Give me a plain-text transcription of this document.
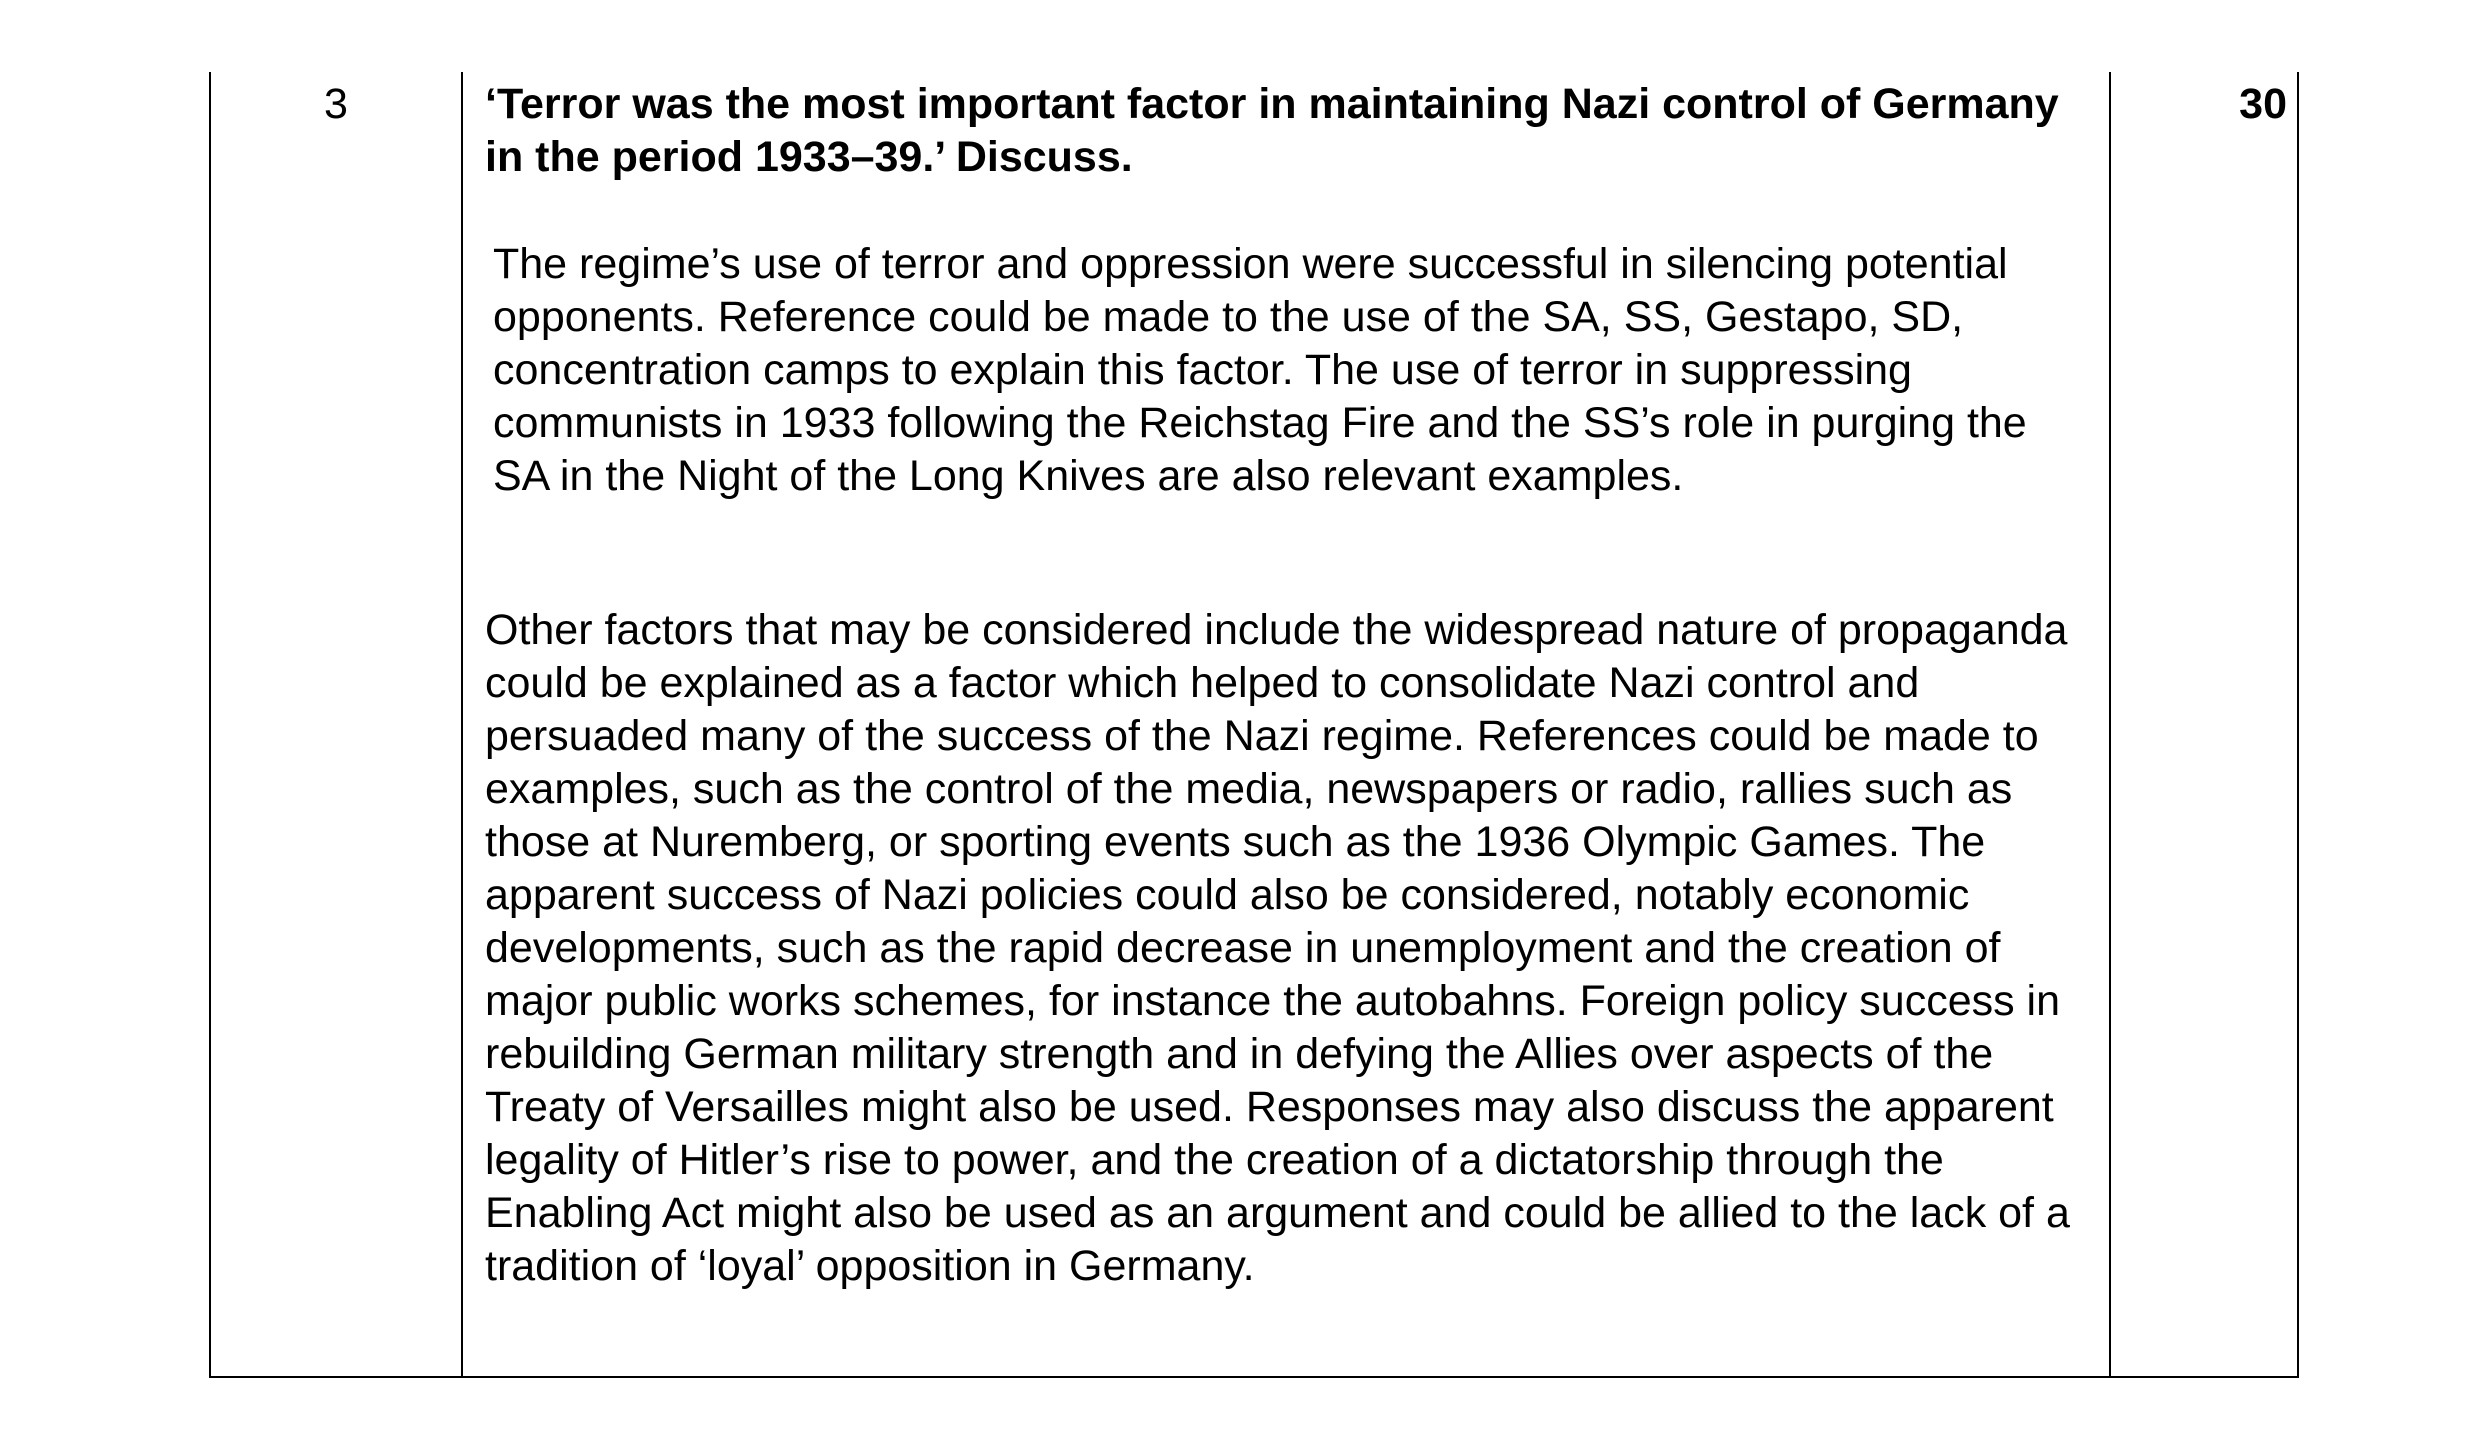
3	‘Terror was the most important factor in maintaining Nazi control of Germany in the period 1933–39.’ Discuss.

30

The regime’s use of terror and oppression were successful in silencing potential opponents. Reference could be made to the use of the SA, SS, Gestapo, SD, concentration camps to explain this factor. The use of terror in suppressing communists in 1933 following the Reichstag Fire and the SS’s role in purging the SA in the Night of the Long Knives are also relevant examples.

Other factors that may be considered include the widespread nature of propaganda could be explained as a factor which helped to consolidate Nazi control and persuaded many of the success of the Nazi regime. References could be made to examples, such as the control of the media, newspapers or radio, rallies such as those at Nuremberg, or sporting events such as the 1936 Olympic Games. The apparent success of Nazi policies could also be considered, notably economic developments, such as the rapid decrease in unemployment and the creation of major public works schemes, for instance the autobahns. Foreign policy success in rebuilding German military strength and in defying the Allies over aspects of the Treaty of Versailles might also be used. Responses may also discuss the apparent legality of Hitler’s rise to power, and the creation of a dictatorship through the Enabling Act might also be used as an argument and could be allied to the lack of a tradition of ‘loyal’ opposition in Germany.
